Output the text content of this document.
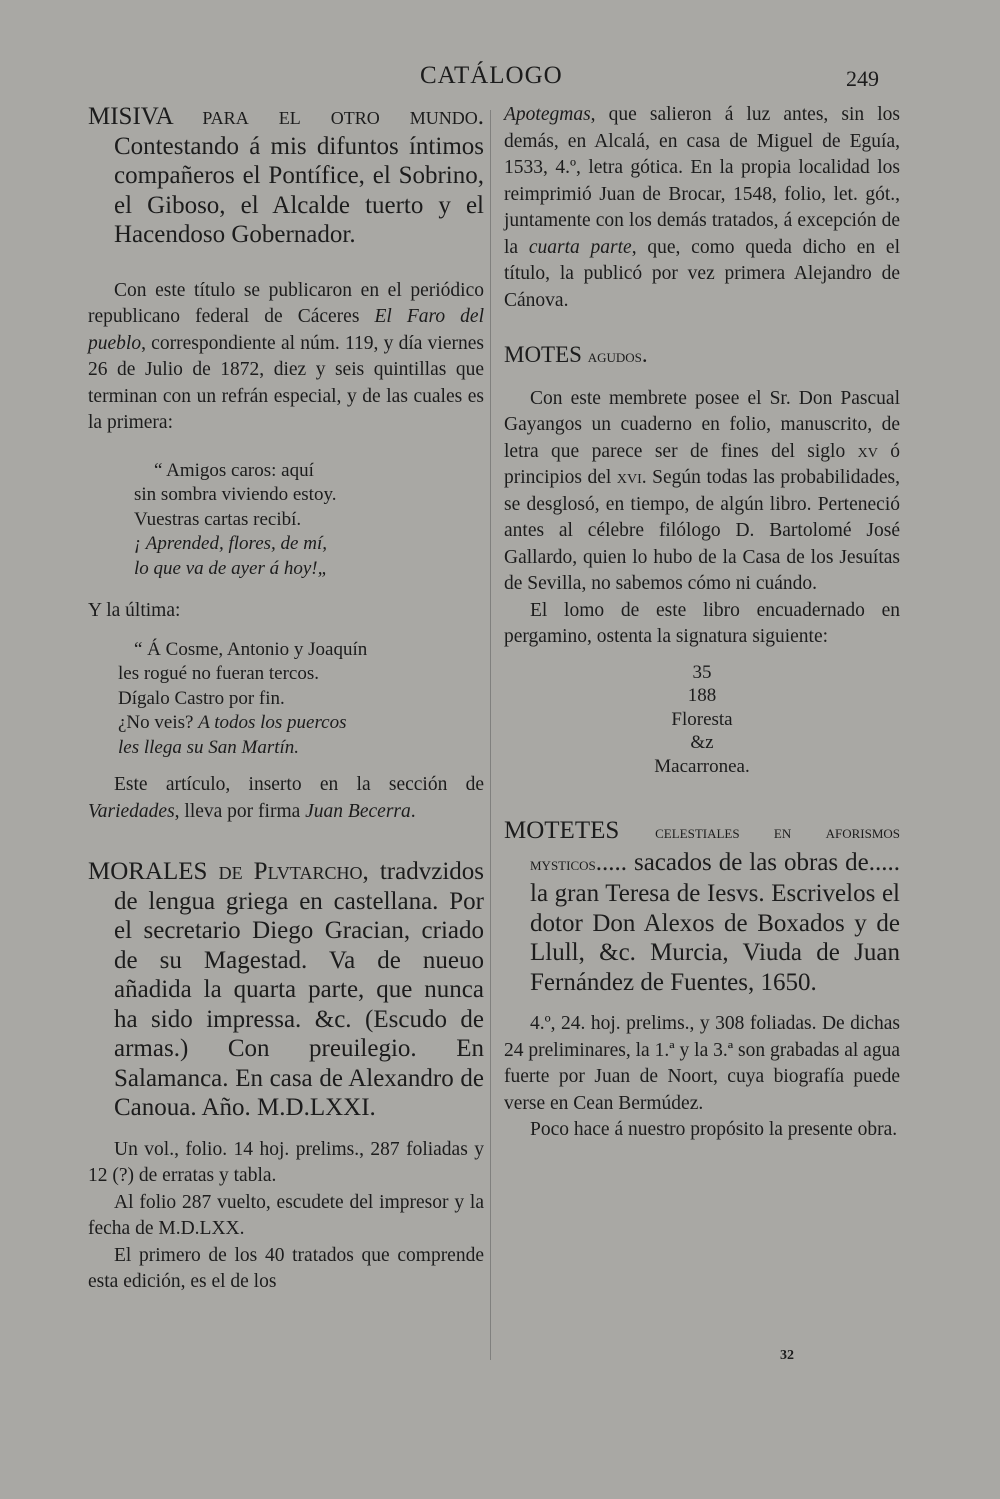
CATÁLOGO	249

MISIVA para el otro mundo. Contestando á mis difuntos íntimos compañeros el Pontífice, el Sobrino, el Giboso, el Alcalde tuerto y el Hacendoso Gobernador.

Con este título se publicaron en el periódico republicano federal de Cáceres El Faro del pueblo, correspondiente al núm. 119, y día viernes 26 de Julio de 1872, diez y seis quintillas que terminan con un refrán especial, y de las cuales es la primera:

“ Amigos caros: aquí
sin sombra viviendo estoy.
Vuestras cartas recibí.
¡ Aprended, flores, de mí,
lo que va de ayer á hoy!„

Y la última:

“ Á Cosme, Antonio y Joaquín
les rogué no fueran tercos.
Dígalo Castro por fin.
¿No veis? A todos los puercos
les llega su San Martín.

Este artículo, inserto en la sección de Variedades, lleva por firma Juan Becerra.

MORALES de Plvtarcho, tradvzidos de lengua griega en castellana. Por el secretario Diego Gracian, criado de su Magestad. Va de nueuo añadida la quarta parte, que nunca ha sido impressa. &c. (Escudo de armas.) Con preuilegio. En Salamanca. En casa de Alexandro de Canoua. Año. M.D.LXXI.

Un vol., folio. 14 hoj. prelims., 287 foliadas y 12 (?) de erratas y tabla.

Al folio 287 vuelto, escudete del impresor y la fecha de M.D.LXX.

El primero de los 40 tratados que comprende esta edición, es el de los

Apotegmas, que salieron á luz antes, sin los demás, en Alcalá, en casa de Miguel de Eguía, 1533, 4.º, letra gótica. En la propia localidad los reimprimió Juan de Brocar, 1548, folio, let. gót., juntamente con los demás tratados, á excepción de la cuarta parte, que, como queda dicho en el título, la publicó por vez primera Alejandro de Cánova.

MOTES agudos.

Con este membrete posee el Sr. Don Pascual Gayangos un cuaderno en folio, manuscrito, de letra que parece ser de fines del siglo xv ó principios del xvi. Según todas las probabilidades, se desglosó, en tiempo, de algún libro. Perteneció antes al célebre filólogo D. Bartolomé José Gallardo, quien lo hubo de la Casa de los Jesuítas de Sevilla, no sabemos cómo ni cuándo.

El lomo de este libro encuadernado en pergamino, ostenta la signatura siguiente:

35
188
Floresta
&z
Macarronea.

MOTETES celestiales en aforismos mysticos..... sacados de las obras de..... la gran Teresa de Iesvs. Escrivelos el dotor Don Alexos de Boxados y de Llull, &c. Murcia, Viuda de Juan Fernández de Fuentes, 1650.

4.º, 24. hoj. prelims., y 308 foliadas. De dichas 24 preliminares, la 1.ª y la 3.ª son grabadas al agua fuerte por Juan de Noort, cuya biografía puede verse en Cean Bermúdez.

Poco hace á nuestro propósito la presente obra.

32
